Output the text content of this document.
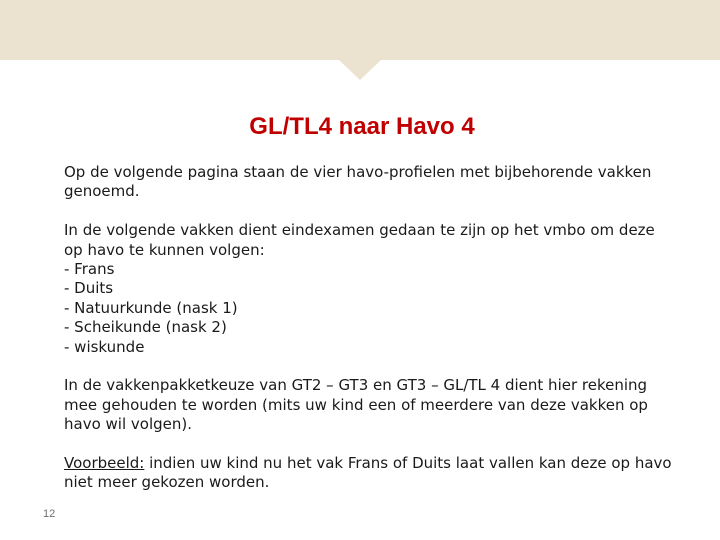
GL/TL4 naar Havo 4

Op de volgende pagina staan de vier havo-profielen met bijbehorende vakken genoemd.

In de volgende vakken dient eindexamen gedaan te zijn op het vmbo om deze op havo te kunnen volgen:

- Frans
- Duits
- Natuurkunde (nask 1)
- Scheikunde (nask 2)
- wiskunde

In de vakkenpakketkeuze van GT2 – GT3 en GT3 – GL/TL 4 dient hier rekening mee gehouden te worden (mits uw kind een of meerdere van deze vakken op havo wil volgen).

Voorbeeld: indien uw kind nu het vak Frans of Duits laat vallen kan deze op havo niet meer gekozen worden.

12
